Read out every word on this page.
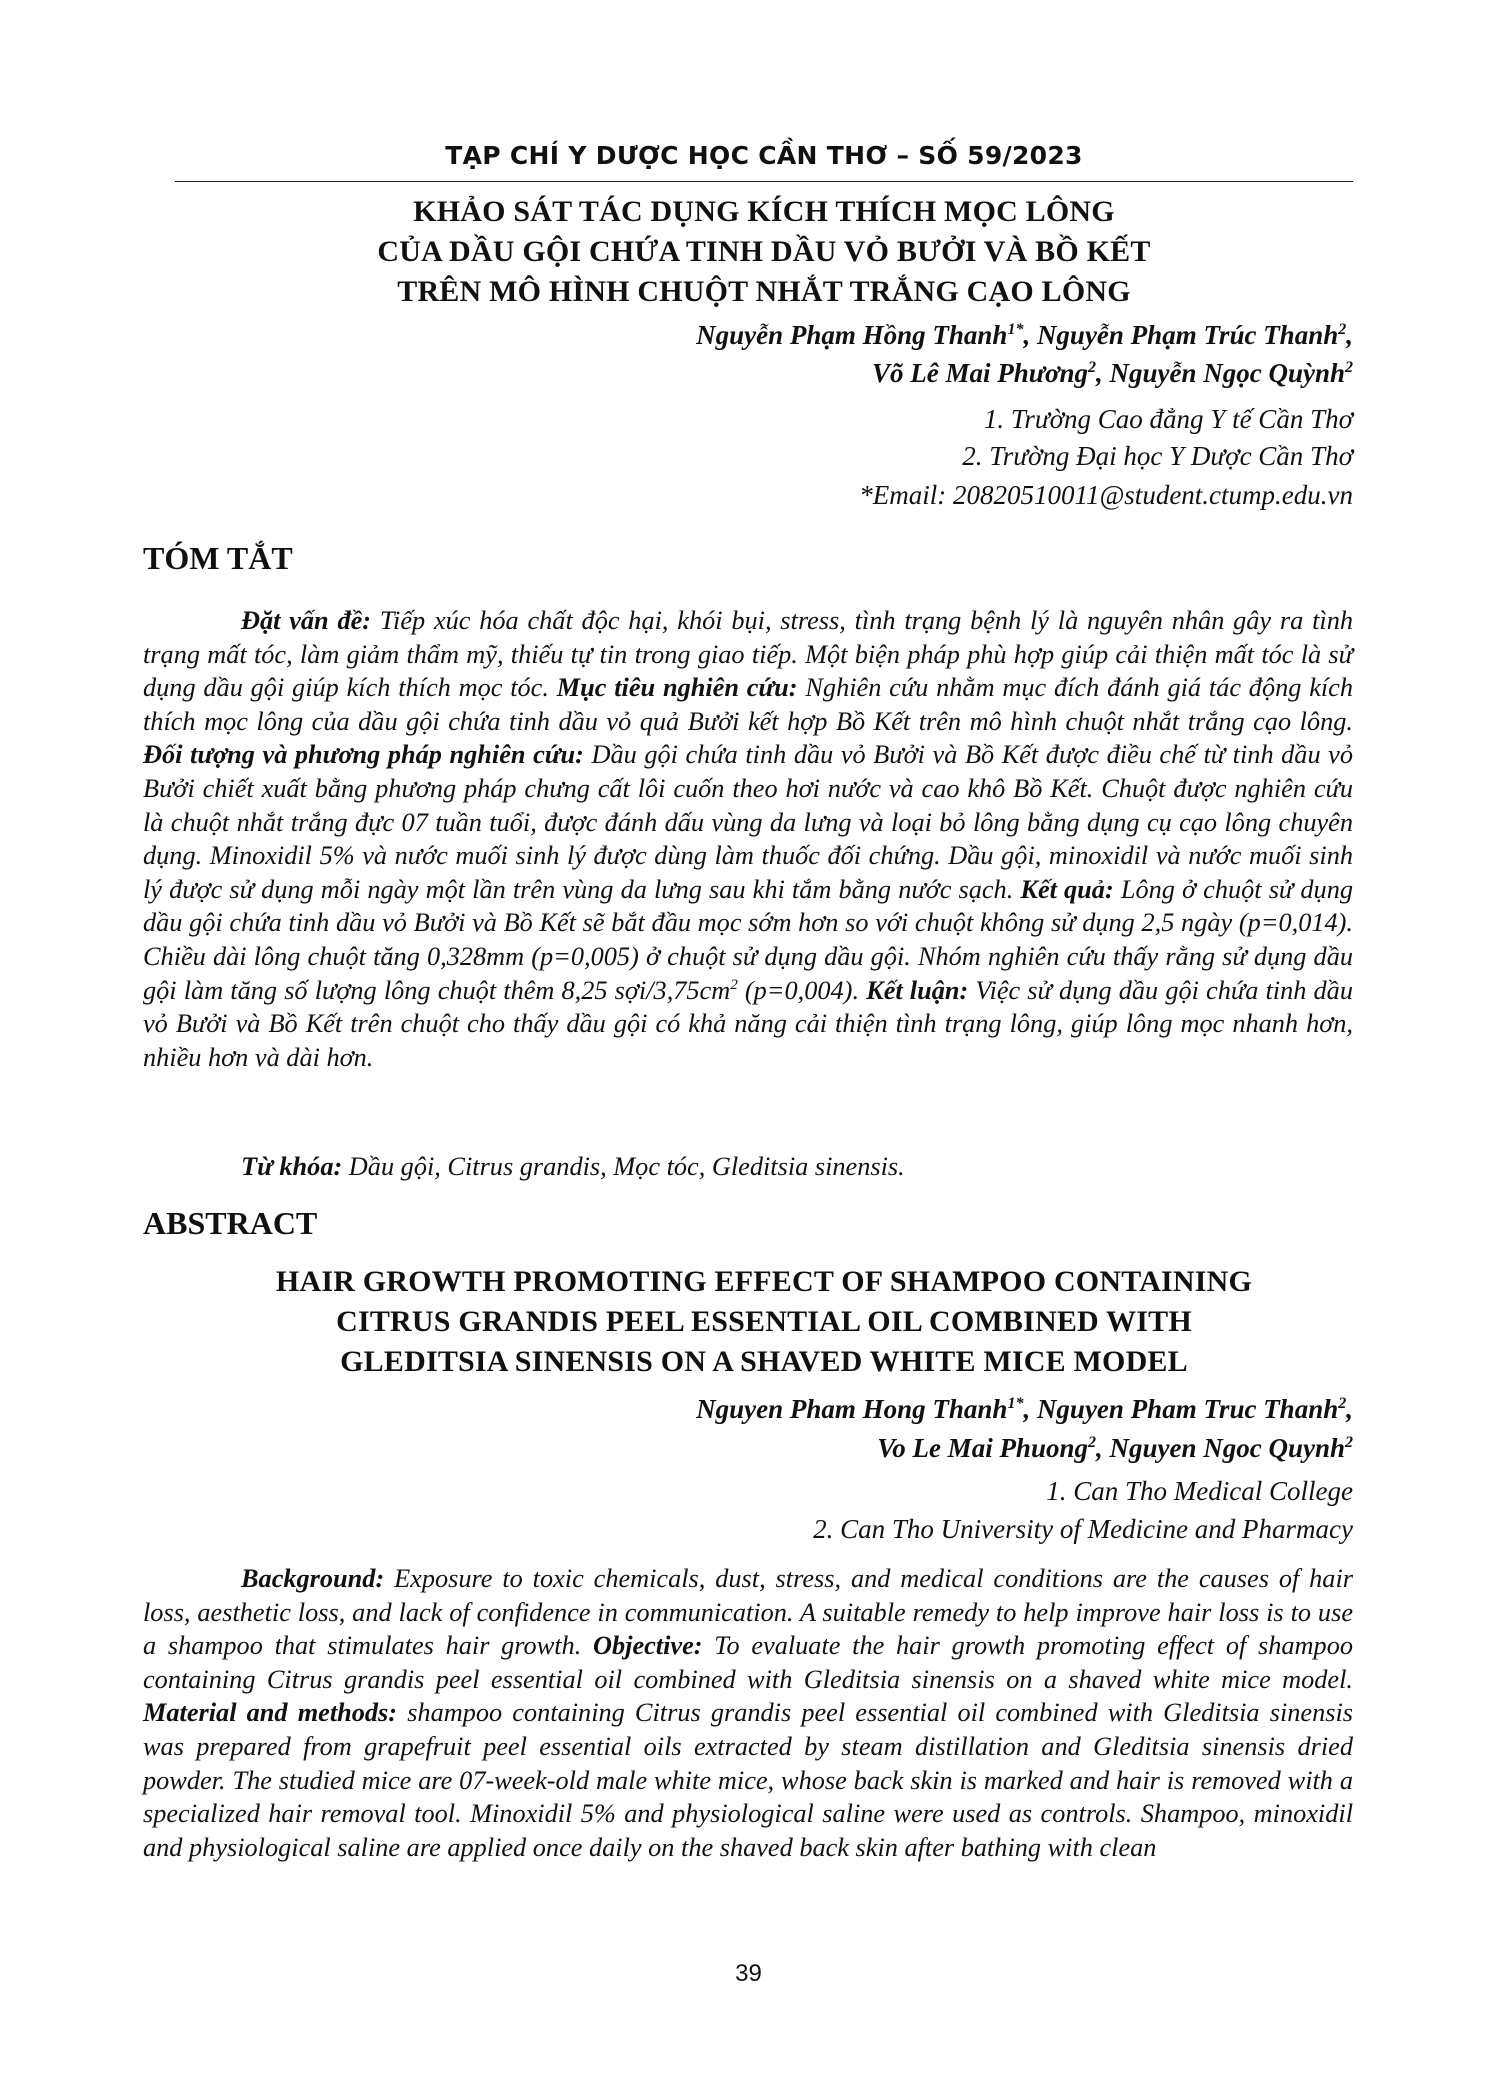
TẠP CHÍ Y DƯỢC HỌC CẦN THƠ – SỐ 59/2023
KHẢO SÁT TÁC DỤNG KÍCH THÍCH MỌC LÔNG
CỦA DẦU GỘI CHỨA TINH DẦU VỎ BƯỞI VÀ BỒ KẾT
TRÊN MÔ HÌNH CHUỘT NHẮT TRẮNG CẠO LÔNG
Nguyễn Phạm Hồng Thanh$^{1*}$, Nguyễn Phạm Trúc Thanh$^2$,
Võ Lê Mai Phương$^2$, Nguyễn Ngọc Quỳnh$^2$
1. Trường Cao đẳng Y tế Cần Thơ
2. Trường Đại học Y Dược Cần Thơ
*Email: 20820510011@student.ctump.edu.vn
TÓM TẮT
Đặt vấn đề: Tiếp xúc hóa chất độc hại, khói bụi, stress, tình trạng bệnh lý là nguyên nhân gây ra tình trạng mất tóc, làm giảm thẩm mỹ, thiếu tự tin trong giao tiếp. Một biện pháp phù hợp giúp cải thiện mất tóc là sử dụng dầu gội giúp kích thích mọc tóc. Mục tiêu nghiên cứu: Nghiên cứu nhằm mục đích đánh giá tác động kích thích mọc lông của dầu gội chứa tinh dầu vỏ quả Bưởi kết hợp Bồ Kết trên mô hình chuột nhắt trắng cạo lông. Đối tượng và phương pháp nghiên cứu: Dầu gội chứa tinh dầu vỏ Bưởi và Bồ Kết được điều chế từ tinh dầu vỏ Bưởi chiết xuất bằng phương pháp chưng cất lôi cuốn theo hơi nước và cao khô Bồ Kết. Chuột được nghiên cứu là chuột nhắt trắng đực 07 tuần tuổi, được đánh dấu vùng da lưng và loại bỏ lông bằng dụng cụ cạo lông chuyên dụng. Minoxidil 5% và nước muối sinh lý được dùng làm thuốc đối chứng. Dầu gội, minoxidil và nước muối sinh lý được sử dụng mỗi ngày một lần trên vùng da lưng sau khi tắm bằng nước sạch. Kết quả: Lông ở chuột sử dụng dầu gội chứa tinh dầu vỏ Bưởi và Bồ Kết sẽ bắt đầu mọc sớm hơn so với chuột không sử dụng 2,5 ngày (p=0,014). Chiều dài lông chuột tăng 0,328mm (p=0,005) ở chuột sử dụng dầu gội. Nhóm nghiên cứu thấy rằng sử dụng dầu gội làm tăng số lượng lông chuột thêm 8,25 sợi/$3,75cm^2$ (p=0,004). Kết luận: Việc sử dụng dầu gội chứa tinh dầu vỏ Bưởi và Bồ Kết trên chuột cho thấy dầu gội có khả năng cải thiện tình trạng lông, giúp lông mọc nhanh hơn, nhiều hơn và dài hơn.
Từ khóa: Dầu gội, Citrus grandis, Mọc tóc, Gleditsia sinensis.
ABSTRACT
HAIR GROWTH PROMOTING EFFECT OF SHAMPOO CONTAINING
CITRUS GRANDIS PEEL ESSENTIAL OIL COMBINED WITH
GLEDITSIA SINENSIS ON A SHAVED WHITE MICE MODEL
Nguyen Pham Hong Thanh$^{1*}$, Nguyen Pham Truc Thanh$^2$,
Vo Le Mai Phuong$^2$, Nguyen Ngoc Quynh$^2$
1. Can Tho Medical College
2. Can Tho University of Medicine and Pharmacy
Background: Exposure to toxic chemicals, dust, stress, and medical conditions are the causes of hair loss, aesthetic loss, and lack of confidence in communication. A suitable remedy to help improve hair loss is to use a shampoo that stimulates hair growth. Objective: To evaluate the hair growth promoting effect of shampoo containing Citrus grandis peel essential oil combined with Gleditsia sinensis on a shaved white mice model. Material and methods: shampoo containing Citrus grandis peel essential oil combined with Gleditsia sinensis was prepared from grapefruit peel essential oils extracted by steam distillation and Gleditsia sinensis dried powder. The studied mice are 07-week-old male white mice, whose back skin is marked and hair is removed with a specialized hair removal tool. Minoxidil 5% and physiological saline were used as controls. Shampoo, minoxidil and physiological saline are applied once daily on the shaved back skin after bathing with clean
39
